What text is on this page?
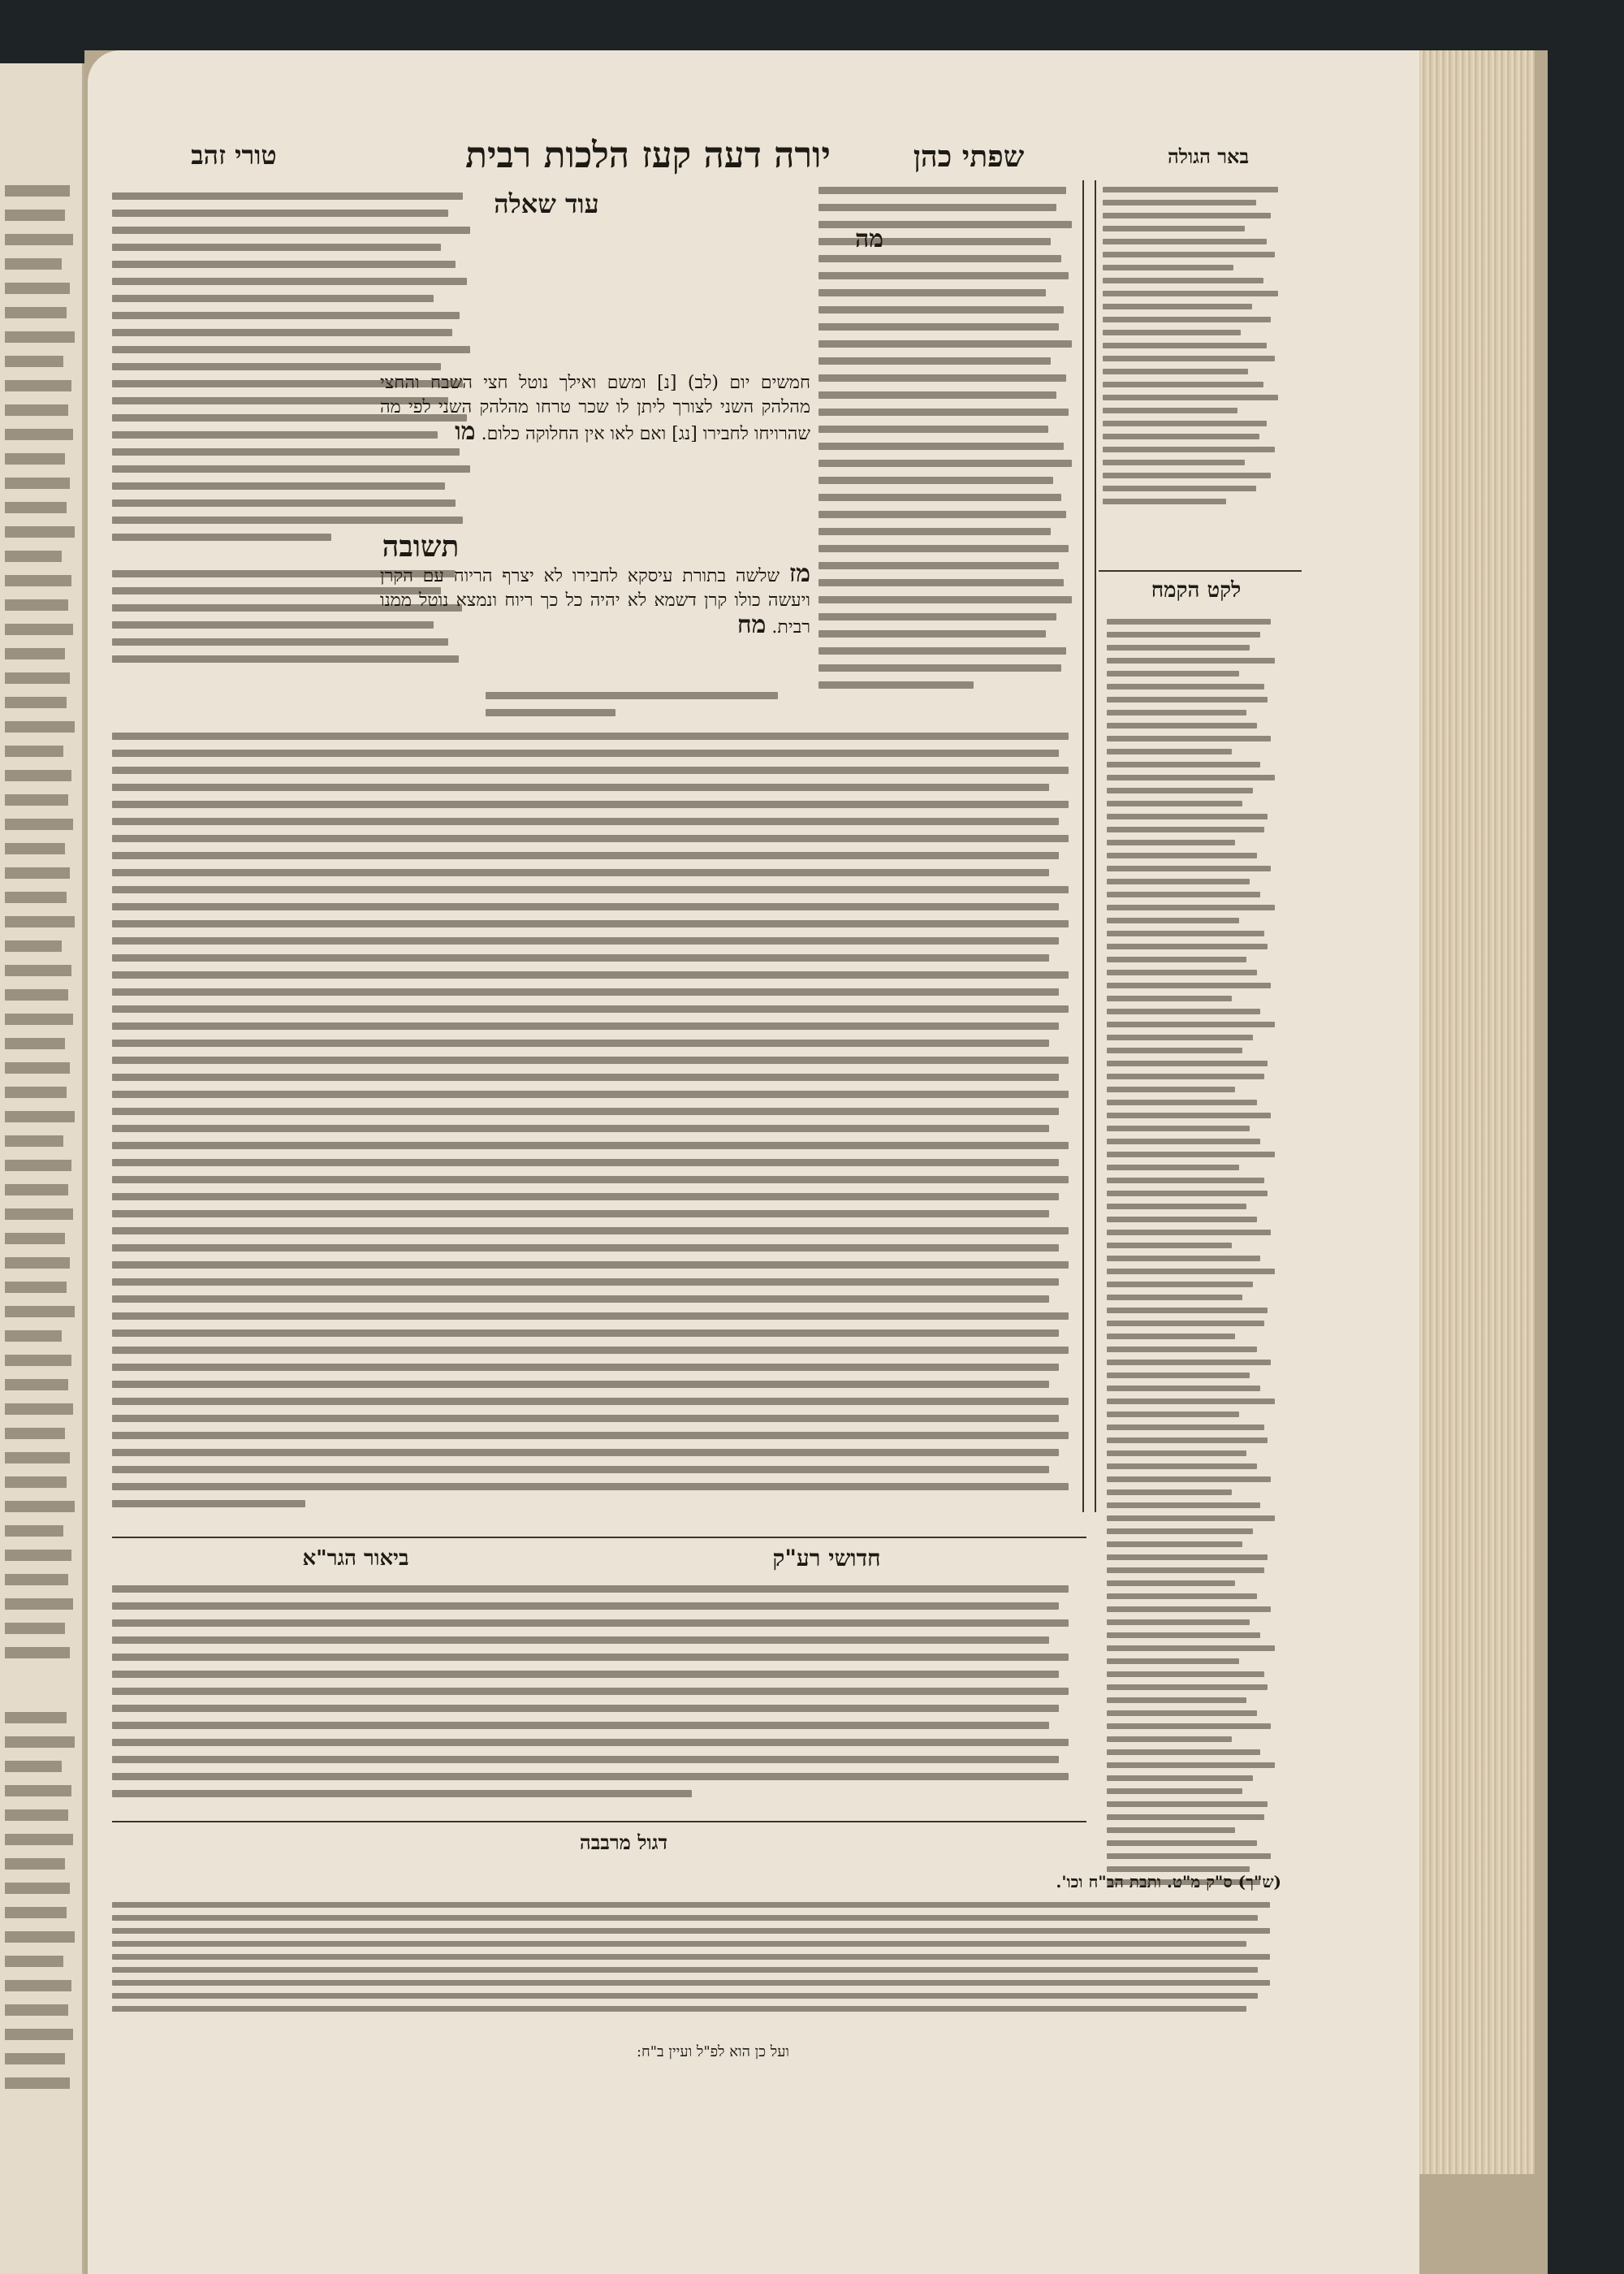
יורה דעה קעז הלכות רבית	שפתי כהן
טורי זהב	באר הגולה
לקט הקמח
מה
עוד שאלה
תשובה
חמשים יום (לב) [נ] ומשם ואילך נוטל חצי השבח והחצי מהלהק השני לצורך ליתן לו שכר טרחו מהלהק השני לפי מה שהרויחו לחבירו [נג] ואם לאו אין החלוקה כלום. מו
מז שלשה בתורת עיסקא לחבירו לא יצרף הריוח עם הקרן ויעשה כולו קרן דשמא לא יהיה כל כך ריוח ונמצא נוטל ממנו רבית. מח
חדושי רע"ק
ביאור הגר"א
דגול מרבבה
(ש"ך) ס"ק מ"ט. ותבת הב"ח וכו'.
ועל כן הוא לפ"ל ועיין ב"ח:
